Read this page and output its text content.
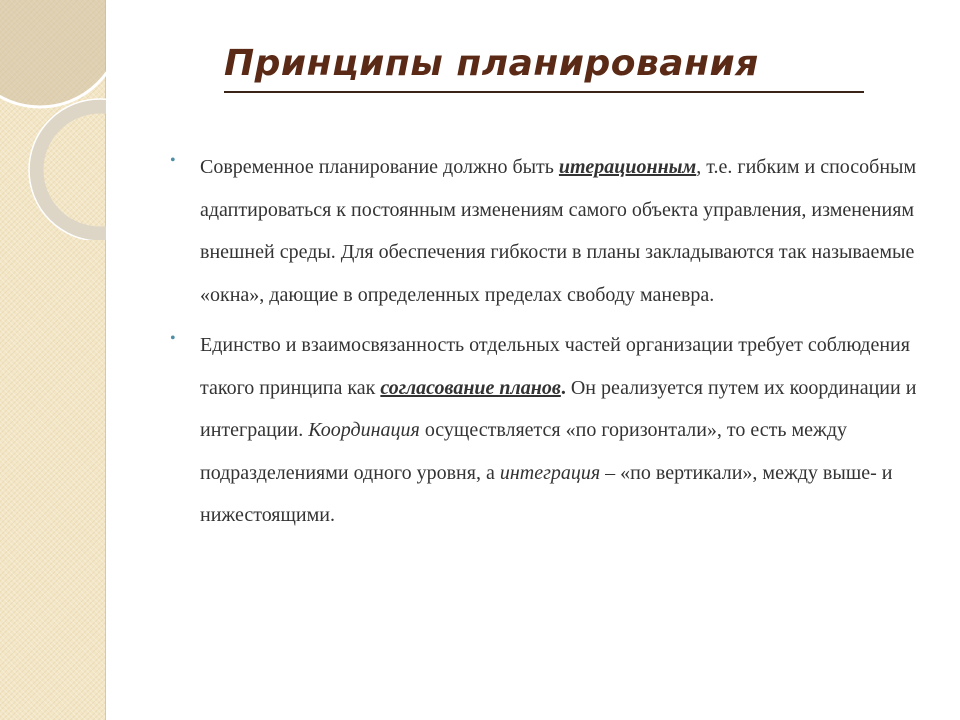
Принципы планирования
• Современное планирование должно быть итерационным, т.е. гибким и способным адаптироваться к постоянным изменениям самого объекта управления, изменениям внешней среды. Для обеспечения гибкости в планы закладываются так называемые «окна», дающие в определенных пределах свободу маневра.
• Единство и взаимосвязанность отдельных частей организации требует соблюдения такого принципа как согласование планов. Он реализуется путем их координации и интеграции. Координация осуществляется «по горизонтали», то есть между подразделениями одного уровня, а интеграция – «по вертикали», между выше- и нижестоящими.
